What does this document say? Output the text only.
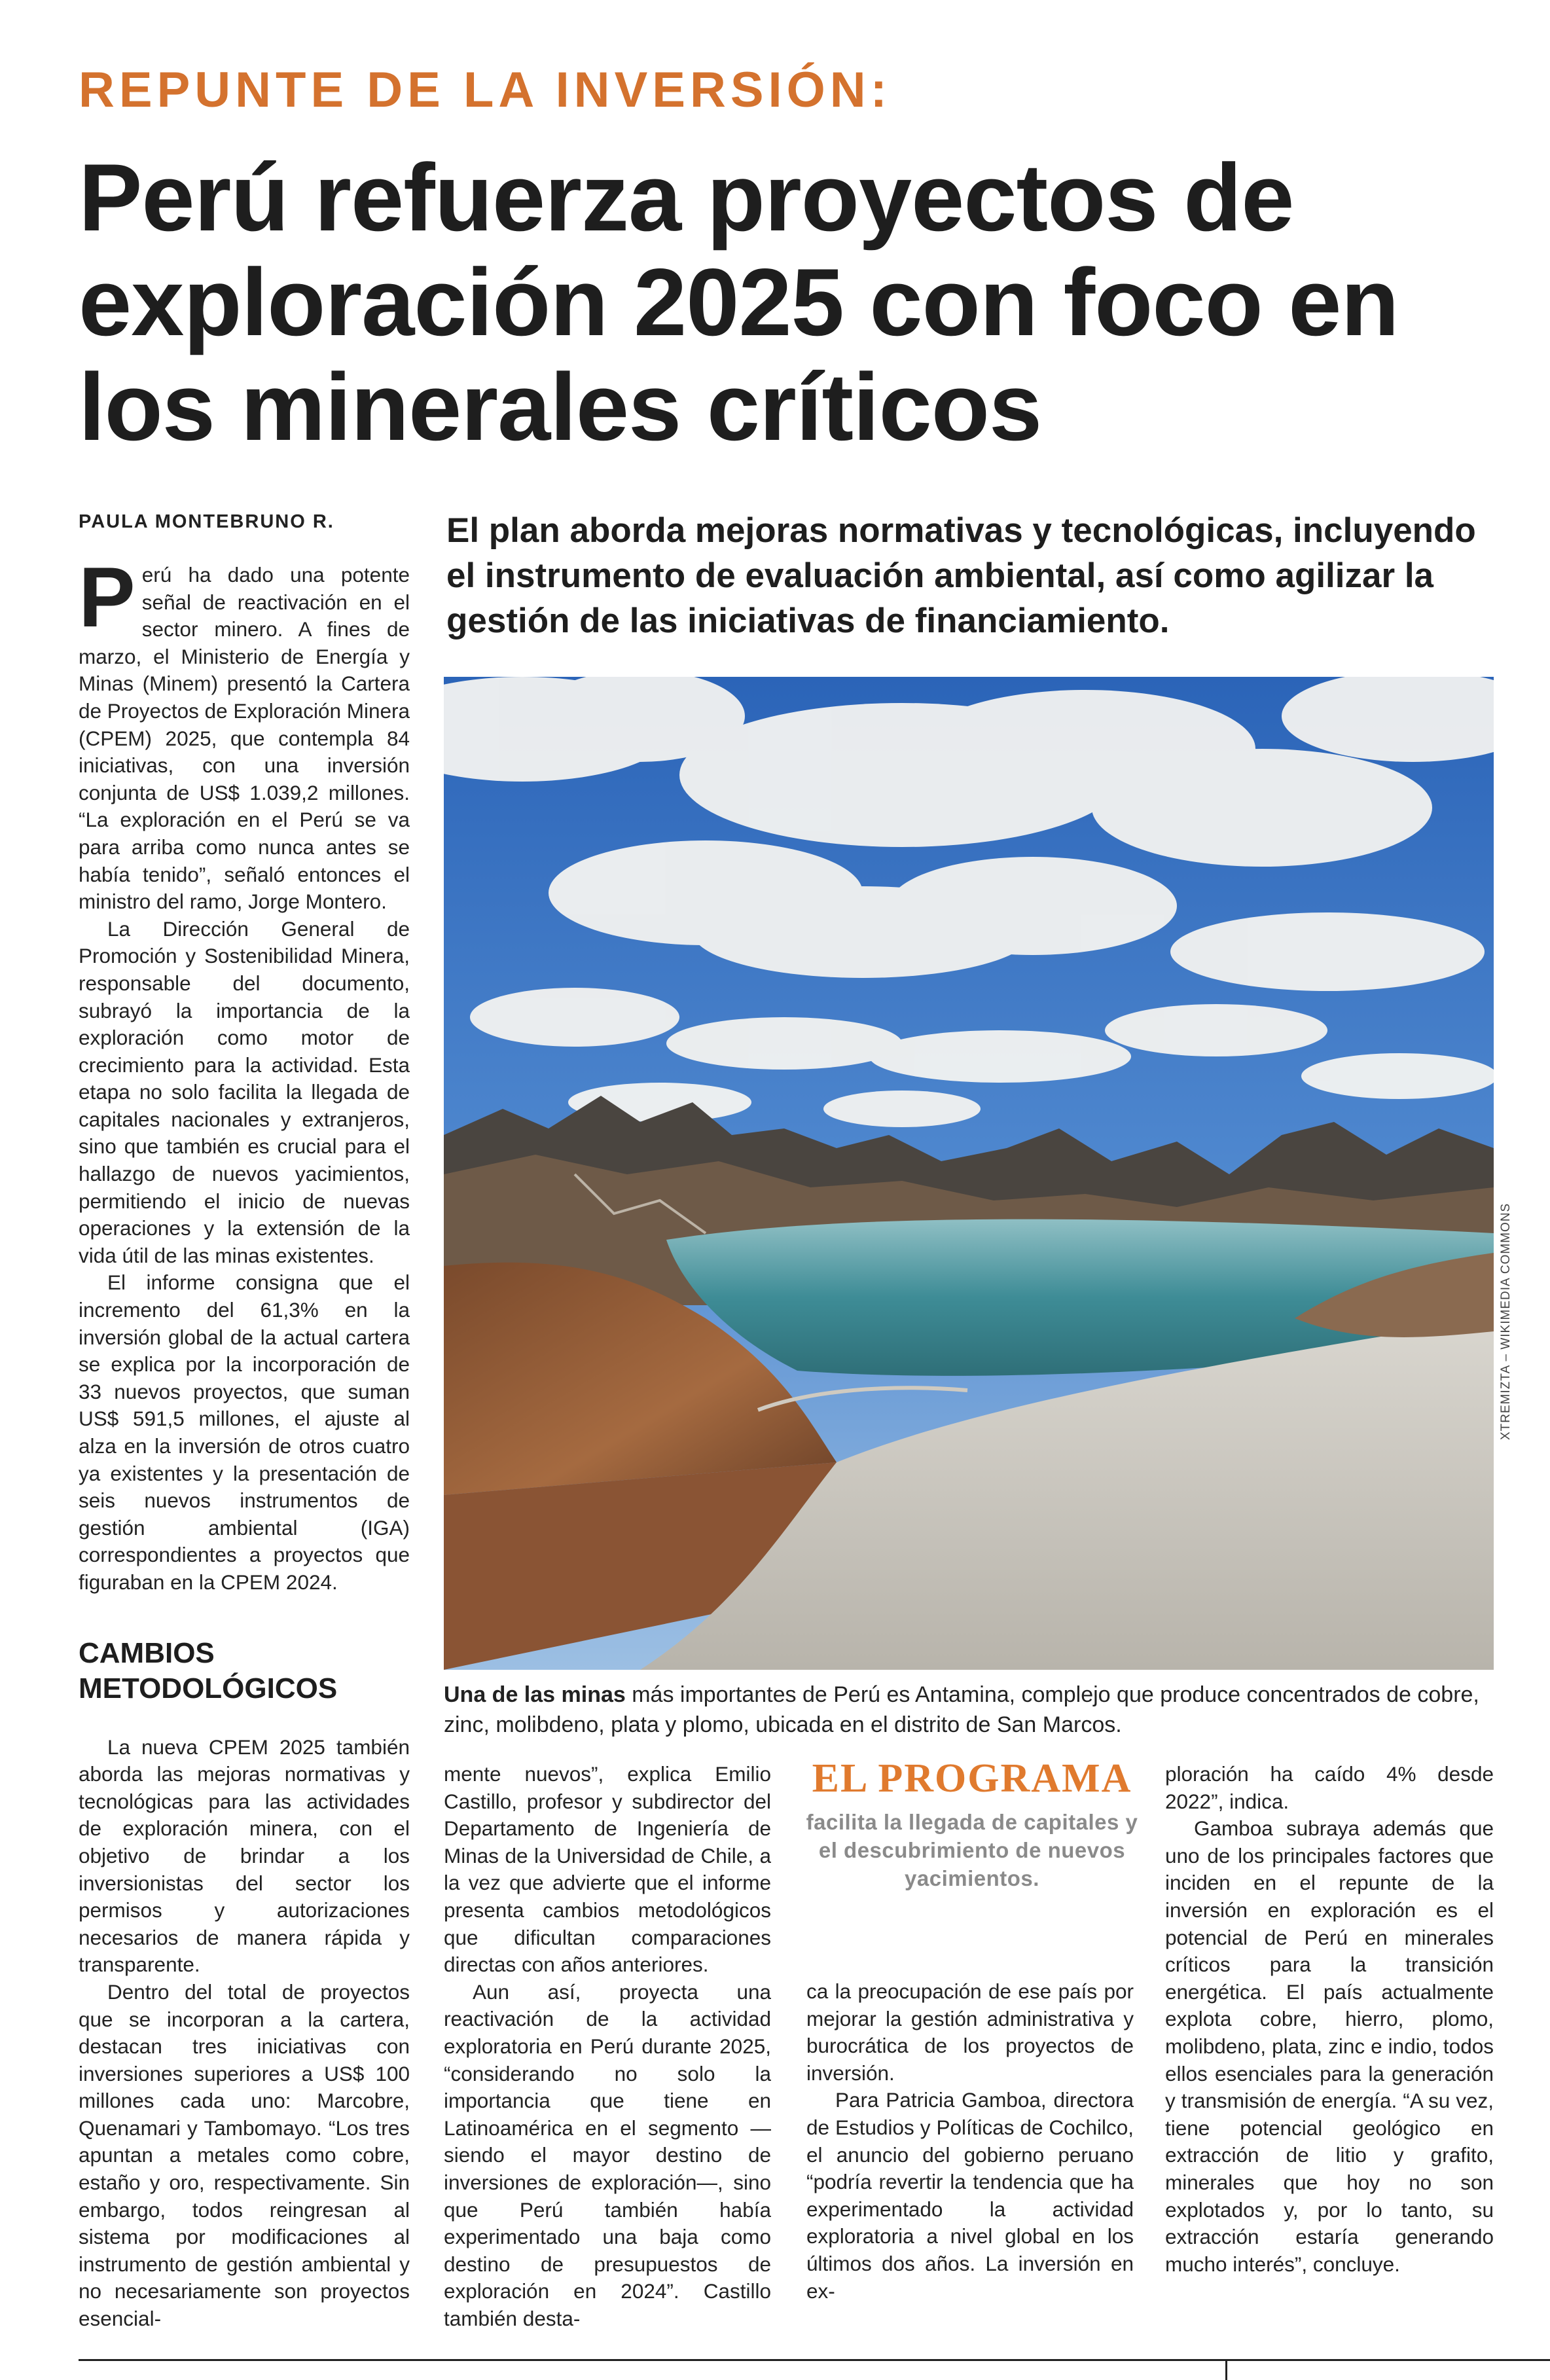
REPUNTE DE LA INVERSIÓN:
Perú refuerza proyectos de exploración 2025 con foco en los minerales críticos
PAULA MONTEBRUNO R.

Perú ha dado una potente señal de reactivación en el sector minero. A fines de marzo, el Ministerio de Energía y Minas (Minem) presentó la Cartera de Proyectos de Exploración Minera (CPEM) 2025, que contempla 84 iniciativas, con una inversión conjunta de US$ 1.039,2 millones. “La exploración en el Perú se va para arriba como nunca antes se había tenido”, señaló entonces el ministro del ramo, Jorge Montero.

La Dirección General de Promoción y Sostenibilidad Minera, responsable del documento, subrayó la importancia de la exploración como motor de crecimiento para la actividad. Esta etapa no solo facilita la llegada de capitales nacionales y extranjeros, sino que también es crucial para el hallazgo de nuevos yacimientos, permitiendo el inicio de nuevas operaciones y la extensión de la vida útil de las minas existentes.

El informe consigna que el incremento del 61,3% en la inversión global de la actual cartera se explica por la incorporación de 33 nuevos proyectos, que suman US$ 591,5 millones, el ajuste al alza en la inversión de otros cuatro ya existentes y la presentación de seis nuevos instrumentos de gestión ambiental (IGA) correspondientes a proyectos que figuraban en la CPEM 2024.

CAMBIOS METODOLÓGICOS

La nueva CPEM 2025 también aborda las mejoras normativas y tecnológicas para las actividades de exploración minera, con el objetivo de brindar a los inversionistas del sector los permisos y autorizaciones necesarios de manera rápida y transparente.

Dentro del total de proyectos que se incorporan a la cartera, destacan tres iniciativas con inversiones superiores a US$ 100 millones cada uno: Marcobre, Quenamari y Tambomayo. “Los tres apuntan a metales como cobre, estaño y oro, respectivamente. Sin embargo, todos reingresan al sistema por modificaciones al instrumento de gestión ambiental y no necesariamente son proyectos esencial-

El plan aborda mejoras normativas y tecnológicas, incluyendo el instrumento de evaluación ambiental, así como agilizar la gestión de las iniciativas de financiamiento.
XTREMIZTA – WIKIMEDIA COMMONS
Una de las minas más importantes de Perú es Antamina, complejo que produce concentrados de cobre, zinc, molibdeno, plata y plomo, ubicada en el distrito de San Marcos.

mente nuevos”, explica Emilio Castillo, profesor y subdirector del Departamento de Ingeniería de Minas de la Universidad de Chile, a la vez que advierte que el informe presenta cambios metodológicos que dificultan comparaciones directas con años anteriores.

Aun así, proyecta una reactivación de la actividad exploratoria en Perú durante 2025, “considerando no solo la importancia que tiene en Latinoamérica en el segmento —siendo el mayor destino de inversiones de exploración—, sino que Perú también había experimentado una baja como destino de presupuestos de exploración en 2024”. Castillo también desta-

EL PROGRAMA
facilita la llegada de capitales y el descubrimiento de nuevos yacimientos.

ca la preocupación de ese país por mejorar la gestión administrativa y burocrática de los proyectos de inversión.

Para Patricia Gamboa, directora de Estudios y Políticas de Cochilco, el anuncio del gobierno peruano “podría revertir la tendencia que ha experimentado la actividad exploratoria a nivel global en los últimos dos años. La inversión en ex-

ploración ha caído 4% desde 2022”, indica.

Gamboa subraya además que uno de los principales factores que inciden en el repunte de la inversión en exploración es el potencial de Perú en minerales críticos para la transición energética. El país actualmente explota cobre, hierro, plomo, molibdeno, plata, zinc e indio, todos ellos esenciales para la generación y transmisión de energía. “A su vez, tiene potencial geológico en extracción de litio y grafito, minerales que hoy no son explotados y, por lo tanto, su extracción estaría generando mucho interés”, concluye.
